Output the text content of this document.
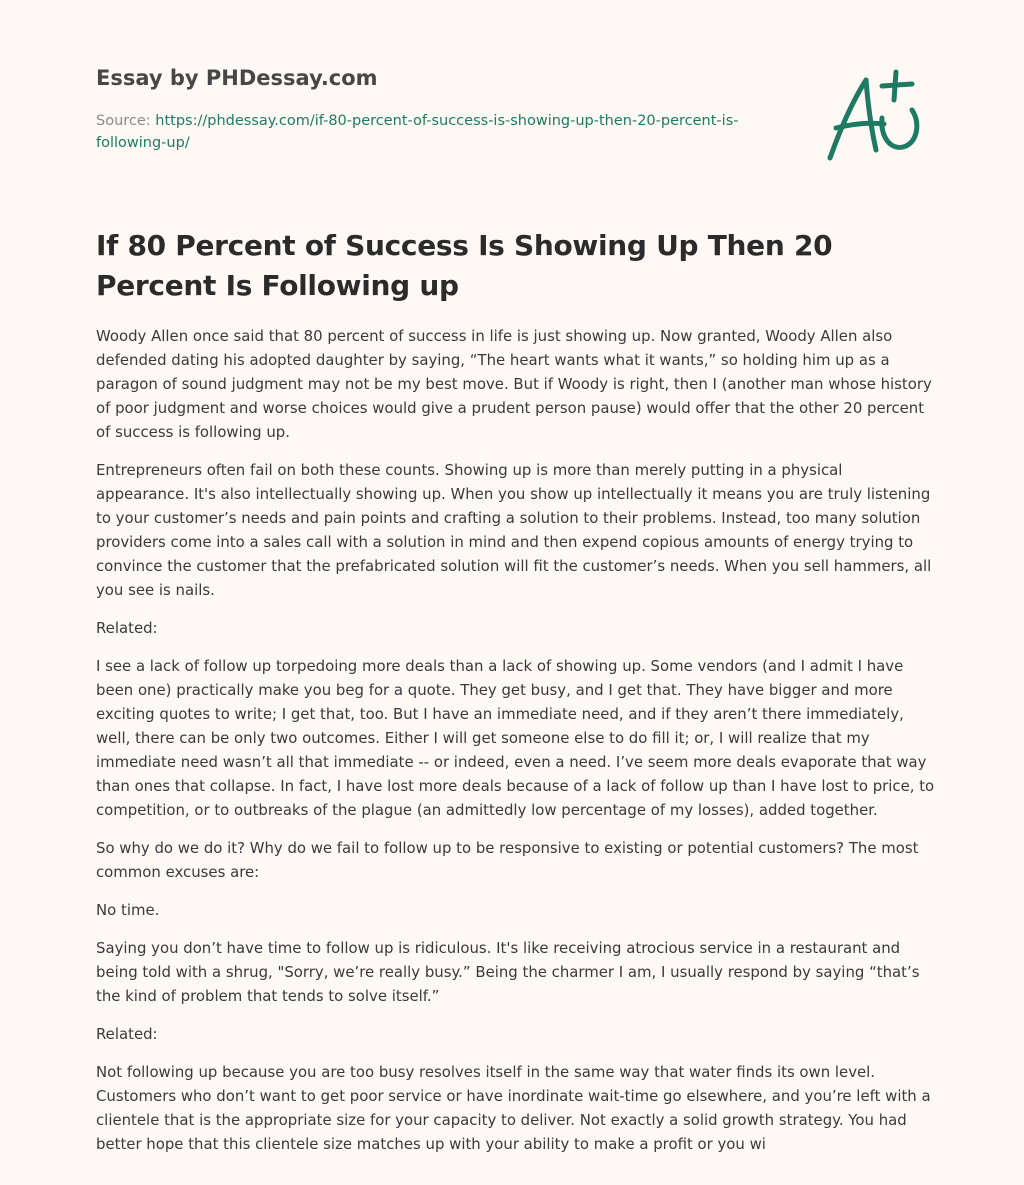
Essay by PHDessay.com
Source: https://phdessay.com/if-80-percent-of-success-is-showing-up-then-20-percent-is-following-up/
If 80 Percent of Success Is Showing Up Then 20 Percent Is Following up

Woody Allen once said that 80 percent of success in life is just showing up. Now granted, Woody Allen also defended dating his adopted daughter by saying, “The heart wants what it wants,” so holding him up as a paragon of sound judgment may not be my best move. But if Woody is right, then I (another man whose history of poor judgment and worse choices would give a prudent person pause) would offer that the other 20 percent of success is following up.

Entrepreneurs often fail on both these counts. Showing up is more than merely putting in a physical appearance. It's also intellectually showing up. When you show up intellectually it means you are truly listening to your customer’s needs and pain points and crafting a solution to their problems. Instead, too many solution providers come into a sales call with a solution in mind and then expend copious amounts of energy trying to convince the customer that the prefabricated solution will fit the customer’s needs. When you sell hammers, all you see is nails.

Related:

I see a lack of follow up torpedoing more deals than a lack of showing up. Some vendors (and I admit I have been one) practically make you beg for a quote. They get busy, and I get that. They have bigger and more exciting quotes to write; I get that, too. But I have an immediate need, and if they aren’t there immediately, well, there can be only two outcomes. Either I will get someone else to do fill it; or, I will realize that my immediate need wasn’t all that immediate -- or indeed, even a need. I’ve seem more deals evaporate that way than ones that collapse. In fact, I have lost more deals because of a lack of follow up than I have lost to price, to competition, or to outbreaks of the plague (an admittedly low percentage of my losses), added together.

So why do we do it? Why do we fail to follow up to be responsive to existing or potential customers? The most common excuses are:

No time.

Saying you don’t have time to follow up is ridiculous. It's like receiving atrocious service in a restaurant and being told with a shrug, "Sorry, we’re really busy.” Being the charmer I am, I usually respond by saying “that’s the kind of problem that tends to solve itself.”

Related:

Not following up because you are too busy resolves itself in the same way that water finds its own level. Customers who don’t want to get poor service or have inordinate wait-time go elsewhere, and you’re left with a clientele that is the appropriate size for your capacity to deliver. Not exactly a solid growth strategy. You had better hope that this clientele size matches up with your ability to make a profit or you wi
